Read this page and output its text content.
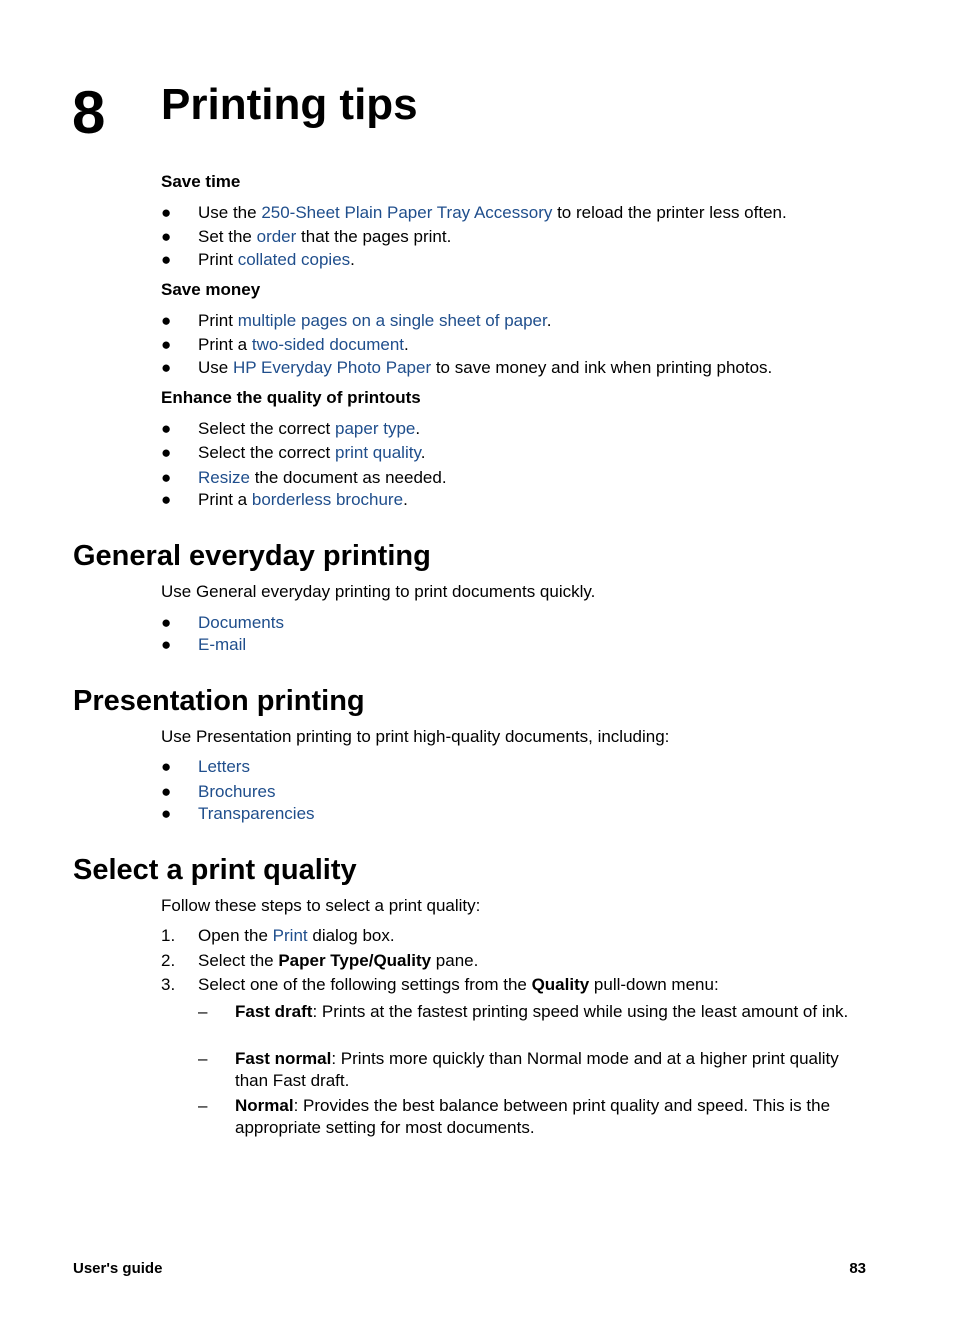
8 Printing tips
Save time
●	Use the 250-Sheet Plain Paper Tray Accessory to reload the printer less often.
●	Set the order that the pages print.
●	Print collated copies.
Save money
●	Print multiple pages on a single sheet of paper.
●	Print a two-sided document.
●	Use HP Everyday Photo Paper to save money and ink when printing photos.
Enhance the quality of printouts
●	Select the correct paper type.
●	Select the correct print quality.
●	Resize the document as needed.
●	Print a borderless brochure.
General everyday printing
Use General everyday printing to print documents quickly.
●	Documents
●	E-mail
Presentation printing
Use Presentation printing to print high-quality documents, including:
●	Letters
●	Brochures
●	Transparencies
Select a print quality
Follow these steps to select a print quality:
1.	Open the Print dialog box.
2.	Select the Paper Type/Quality pane.
3.	Select one of the following settings from the Quality pull-down menu:
– Fast draft: Prints at the fastest printing speed while using the least amount of ink.
– Fast normal: Prints more quickly than Normal mode and at a higher print quality than Fast draft.
– Normal: Provides the best balance between print quality and speed. This is the appropriate setting for most documents.
User's guide	83
